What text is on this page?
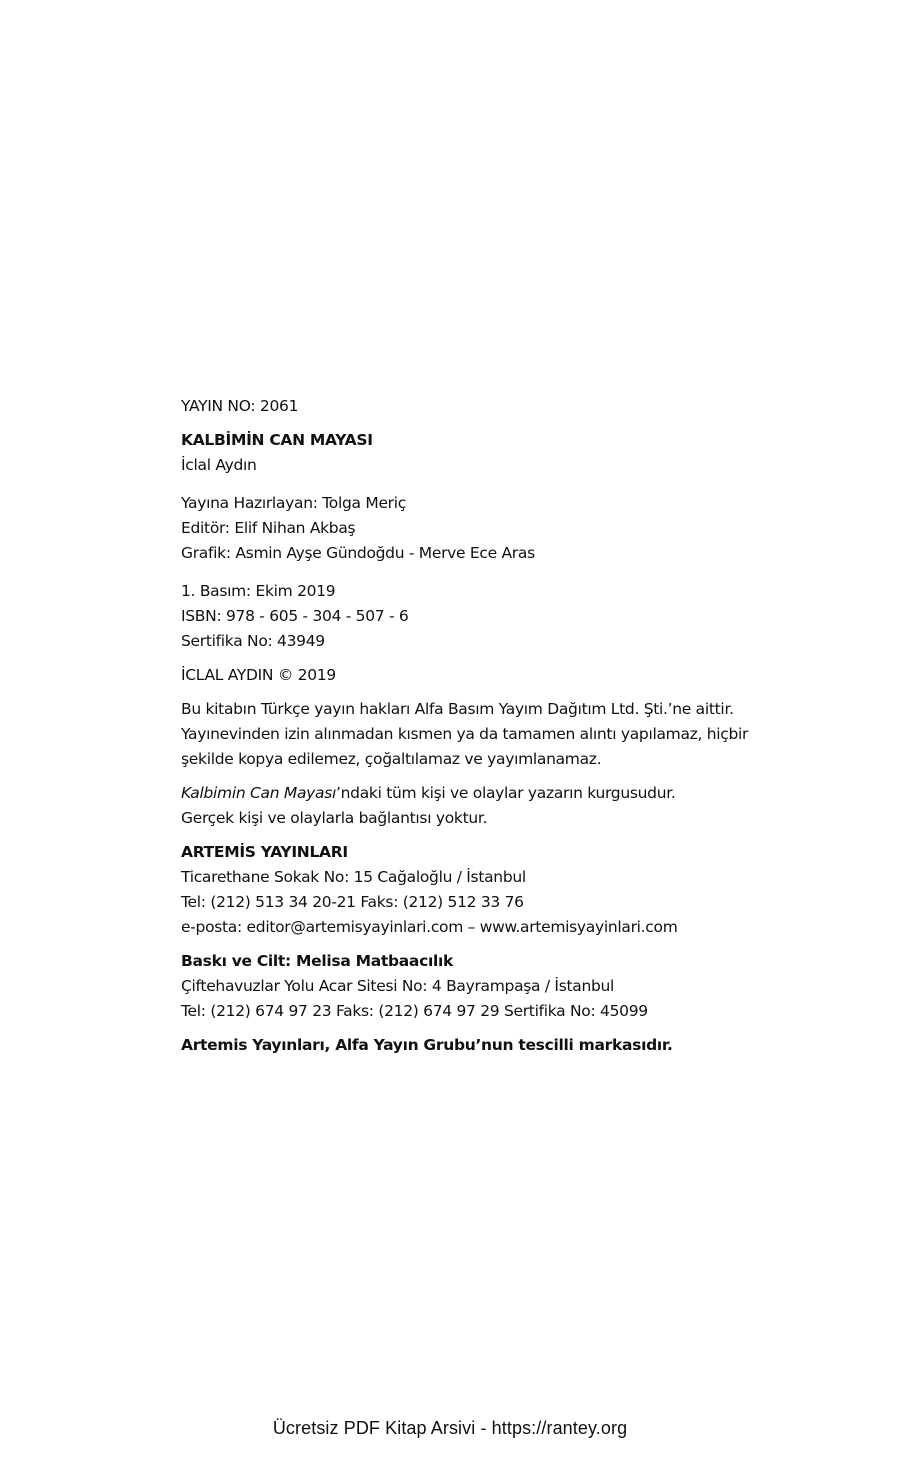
YAYIN NO: 2061
KALBİMİN CAN MAYASI
İclal Aydın
Yayına Hazırlayan: Tolga Meriç
Editör: Elif Nihan Akbaş
Grafik: Asmin Ayşe Gündoğdu - Merve Ece Aras
1. Basım: Ekim 2019
ISBN: 978 - 605 - 304 - 507 - 6
Sertifika No: 43949
İCLAL AYDIN © 2019
Bu kitabın Türkçe yayın hakları Alfa Basım Yayım Dağıtım Ltd. Şti.’ne aittir.
Yayınevinden izin alınmadan kısmen ya da tamamen alıntı yapılamaz, hiçbir
şekilde kopya edilemez, çoğaltılamaz ve yayımlanamaz.
Kalbimin Can Mayası’ndaki tüm kişi ve olaylar yazarın kurgusudur.
Gerçek kişi ve olaylarla bağlantısı yoktur.
ARTEMİS YAYINLARI
Ticarethane Sokak No: 15 Cağaloğlu / İstanbul
Tel: (212) 513 34 20-21 Faks: (212) 512 33 76
e-posta: editor@artemisyayinlari.com – www.artemisyayinlari.com
Baskı ve Cilt: Melisa Matbaacılık
Çiftehavuzlar Yolu Acar Sitesi No: 4 Bayrampaşa / İstanbul
Tel: (212) 674 97 23 Faks: (212) 674 97 29 Sertifika No: 45099
Artemis Yayınları, Alfa Yayın Grubu’nun tescilli markasıdır.
Ücretsiz PDF Kitap Arsivi - https://rantey.org
